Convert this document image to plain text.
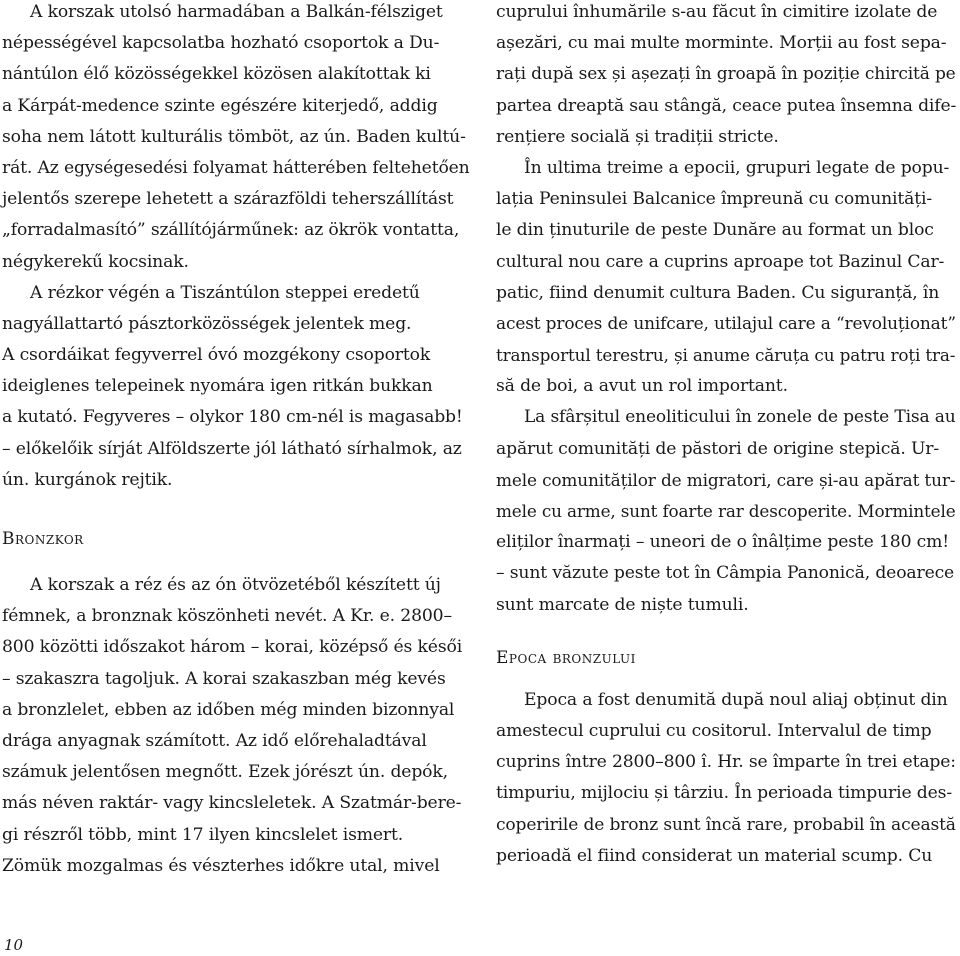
A korszak utolsó harmadában a Balkán-félsziget
népességével kapcsolatba hozható csoportok a Du-
nántúlon élő közösségekkel közösen alakítottak ki
a Kárpát-medence szinte egészére kiterjedő, addig
soha nem látott kulturális tömböt, az ún. Baden kultú-
rát. Az egységesedési folyamat hátterében feltehetően
jelentős szerepe lehetett a szárazföldi teherszállítást
„forradalmasító” szállítójárműnek: az ökrök vontatta,
négykerekű kocsinak.
A rézkor végén a Tiszántúlon steppei eredetű
nagyállattartó pásztorközösségek jelentek meg.
A csordáikat fegyverrel óvó mozgékony csoportok
ideiglenes telepeinek nyomára igen ritkán bukkan
a kutató. Fegyveres – olykor 180 cm-nél is magasabb!
– előkelőik sírját Alföldszerte jól látható sírhalmok, az
ún. kurgánok rejtik.
Bronzkor
A korszak a réz és az ón ötvözetéből készített új
fémnek, a bronznak köszönheti nevét. A Kr. e. 2800–
800 közötti időszakot három – korai, középső és késői
– szakaszra tagoljuk. A korai szakaszban még kevés
a bronzlelet, ebben az időben még minden bizonnyal
drága anyagnak számított. Az idő előrehaladtával
számuk jelentősen megnőtt. Ezek jórészt ún. depók,
más néven raktár- vagy kincsleletek. A Szatmár-bere-
gi részről több, mint 17 ilyen kincslelet ismert.
Zömük mozgalmas és vészterhes időkre utal, mivel
cuprului înhumările s-au făcut în cimitire izolate de
așezări, cu mai multe morminte. Morții au fost sepa-
rați după sex și așezați în groapă în poziție chircită pe
partea dreaptă sau stângă, ceace putea însemna dife-
rențiere socială și tradiții stricte.
În ultima treime a epocii, grupuri legate de popu-
lația Peninsulei Balcanice împreună cu comunități-
le din ținuturile de peste Dunăre au format un bloc
cultural nou care a cuprins aproape tot Bazinul Car-
patic, fiind denumit cultura Baden. Cu siguranță, în
acest proces de unifcare, utilajul care a “revoluționat”
transportul terestru, și anume căruța cu patru roți tra-
să de boi, a avut un rol important.
La sfârșitul eneoliticului în zonele de peste Tisa au
apărut comunități de păstori de origine stepică. Ur-
mele comunităților de migratori, care și-au apărat tur-
mele cu arme, sunt foarte rar descoperite. Mormintele
eliților înarmați – uneori de o înâlțime peste 180 cm!
– sunt văzute peste tot în Câmpia Panonică, deoarece
sunt marcate de niște tumuli.
Epoca bronzului
Epoca a fost denumită după noul aliaj obținut din
amestecul cuprului cu cositorul. Intervalul de timp
cuprins între 2800–800 î. Hr. se împarte în trei etape:
timpuriu, mijlociu și târziu. În perioada timpurie des-
coperirile de bronz sunt încă rare, probabil în această
perioadă el fiind considerat un material scump. Cu
10
